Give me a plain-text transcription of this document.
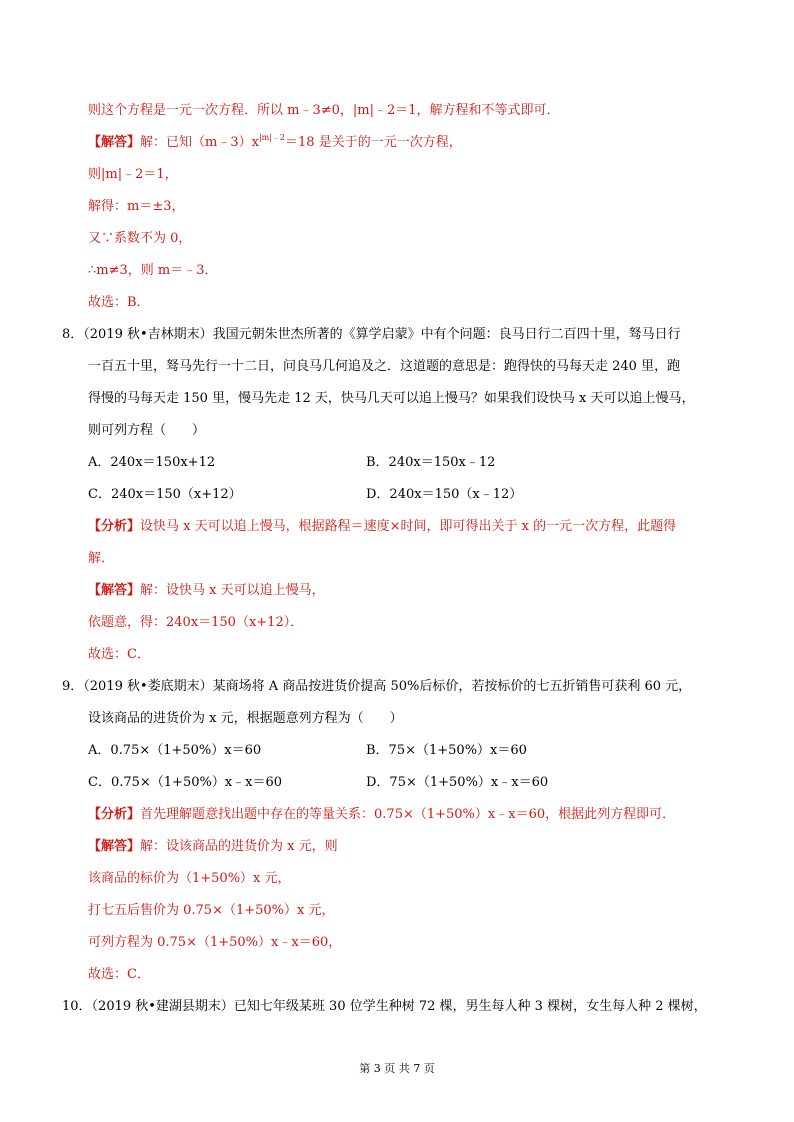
则这个方程是一元一次方程．所以 m﹣3≠0，|m|﹣2＝1，解方程和不等式即可．
【解答】解：已知$(m﹣3)x^{|m|﹣2}=18$ 是关于的一元一次方程，
则|m|﹣2＝1，
解得：m＝±3，
又∵系数不为 0，
∴m≠3，则 m＝﹣3．
故选：B．
8．（2019 秋•吉林期末）我国元朝朱世杰所著的《算学启蒙》中有个问题：良马日行二百四十里，驽马日行
一百五十里，驽马先行一十二日，问良马几何追及之．这道题的意思是：跑得快的马每天走 240 里，跑
得慢的马每天走 150 里，慢马先走 12 天，快马几天可以追上慢马？如果我们设快马 x 天可以追上慢马，
则可列方程（　　）
A．240x＝150x+12	B．240x＝150x﹣12
C．240x＝150（x+12）	D．240x＝150（x﹣12）
【分析】设快马 x 天可以追上慢马，根据路程＝速度×时间，即可得出关于 x 的一元一次方程，此题得
解．
【解答】解：设快马 x 天可以追上慢马，
依题意，得：240x＝150（x+12）．
故选：C．
9．（2019 秋•娄底期末）某商场将 A 商品按进货价提高 50%后标价，若按标价的七五折销售可获利 60 元，
设该商品的进货价为 x 元，根据题意列方程为（　　）
A．0.75×（1+50%）x＝60	B．75×（1+50%）x＝60
C．0.75×（1+50%）x﹣x＝60	D．75×（1+50%）x﹣x＝60
【分析】首先理解题意找出题中存在的等量关系：0.75×（1+50%）x﹣x＝60，根据此列方程即可．
【解答】解：设该商品的进货价为 x 元，则
该商品的标价为（1+50%）x 元，
打七五后售价为 0.75×（1+50%）x 元，
可列方程为 0.75×（1+50%）x﹣x＝60，
故选：C．
10．（2019 秋•建湖县期末）已知七年级某班 30 位学生种树 72 棵，男生每人种 3 棵树，女生每人种 2 棵树，
第 3 页 共 7 页
